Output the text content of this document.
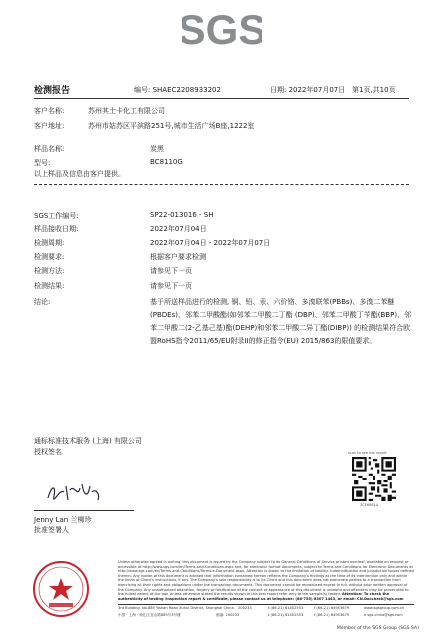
SGS
检测报告	编号: SHAEC2208933202	日期: 2022年07月07日 第1页,共10页
客户名称:	苏州其士卡化工有限公司
客户地址:	苏州市姑苏区平滨路251号,城市生活广场B座,1222室
样品名称:	炭黑
型号:	BC8110G
以上样品及信息由客户提供。
SGS工作编号:	SP22-013016 - SH
样品接收日期:	2022年07月04日
检测周期:	2022年07月04日 - 2022年07月07日
检测要求:	根据客户要求检测
检测方法:	请参见下一页
检测结果:	请参见下一页
结论:	基于所送样品进行的检测, 铜、铅、汞、六价铬、多溴联苯(PBBs)、多溴二苯醚(PBDEs)、邻苯二甲酸酯(如邻苯二甲酸二丁酯 (DBP)、邻苯二甲酸丁苄酯(BBP)、邻苯二甲酸二(2-乙基己基)酯(DEHP)和邻苯二甲酸二异丁酯(DIBP)) 的检测结果符合欧盟RoHS指令2011/65/EU附录II的修正指令(EU) 2015/863的限值要求。
通标标准技术服务 (上海) 有限公司
授权签名
Jenny Lan 兰柳珍
批准签署人
scan to see the report
3CE6861A
Unless otherwise agreed in writing, this document is issued by the Company subject to its General Conditions of Service printed overleaf, available on request or accessible at http://www.sgs.com/en/Terms-and-Conditions.aspx and, for electronic format documents, subject to Terms and Conditions for Electronic Documents at http://www.sgs.com/en/Terms-and-Conditions/Terms-e-Document.aspx. Attention is drawn to the limitation of liability, indemnification and jurisdiction issues defined therein. Any holder of this document is advised that information contained hereon reflects the Company's findings at the time of its intervention only and within the limits of Client's instructions, if any. The Company's sole responsibility is to its Client and this document does not exonerate parties to a transaction from exercising all their rights and obligations under the transaction documents. This document cannot be reproduced except in full, without prior written approval of the Company. Any unauthorized alteration, forgery or falsification of the content or appearance of this document is unlawful and offenders may be prosecuted to the fullest extent of the law. Unless otherwise stated the results shown in this test report refer only to the sample(s) tested. Attention: To check the authenticity of testing /inspection report & certificate, please contact us at telephone: (86-755) 8307 1443, or email: CN.Doccheck@sgs.com
3rd Building, No.889 Yishan Road Xuhui District, Shanghai China 200233	t (86-21) 61402553	f (86-21) 64953679	www.sgsgroup.com.cn
中国 · 上海 · 徐汇区宜山路889号3号楼	邮编: 200233	t (86-21) 61402553	f (86-21) 64953679	e sgs.china@sgs.com
Member of the SGS Group (SGS SA)
